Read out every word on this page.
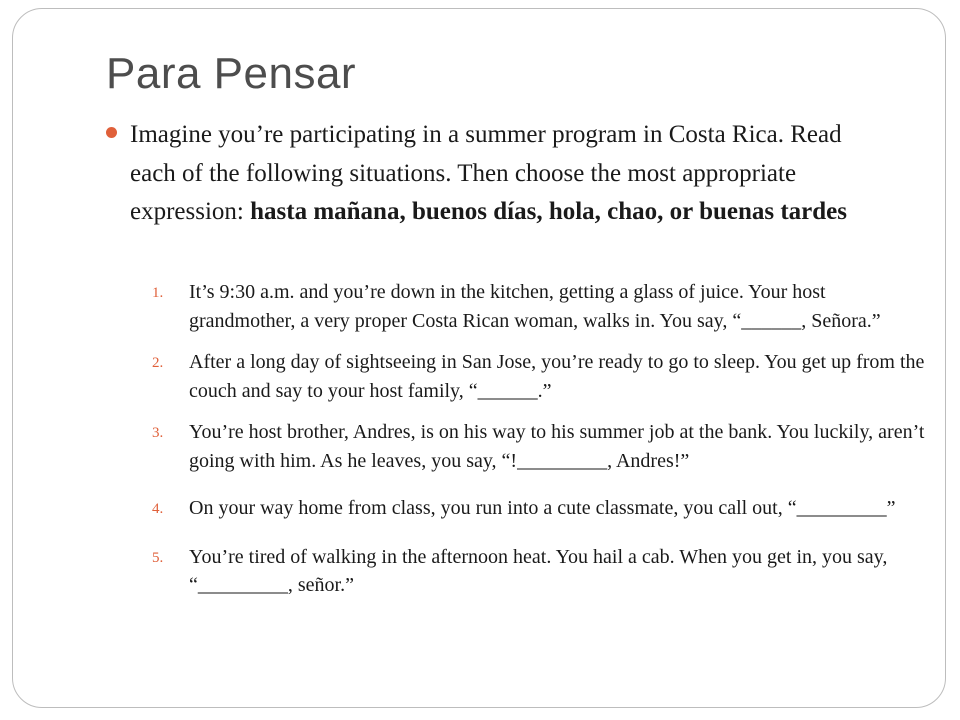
Para Pensar

Imagine you’re participating in a summer program in Costa Rica. Read each of the following situations. Then choose the most appropriate expression: hasta mañana, buenos días, hola, chao, or buenas tardes

1. It’s 9:30 a.m. and you’re down in the kitchen, getting a glass of juice. Your host grandmother, a very proper Costa Rican woman, walks in. You say, “______, Señora.”
2. After a long day of sightseeing in San Jose, you’re ready to go to sleep. You get up from the couch and say to your host family, “______.”
3. You’re host brother, Andres, is on his way to his summer job at the bank. You luckily, aren’t going with him. As he leaves, you say, “!_________, Andres!”
4. On your way home from class, you run into a cute classmate, you call out, “_________”
5. You’re tired of walking in the afternoon heat. You hail a cab. When you get in, you say, “_________, señor.”
